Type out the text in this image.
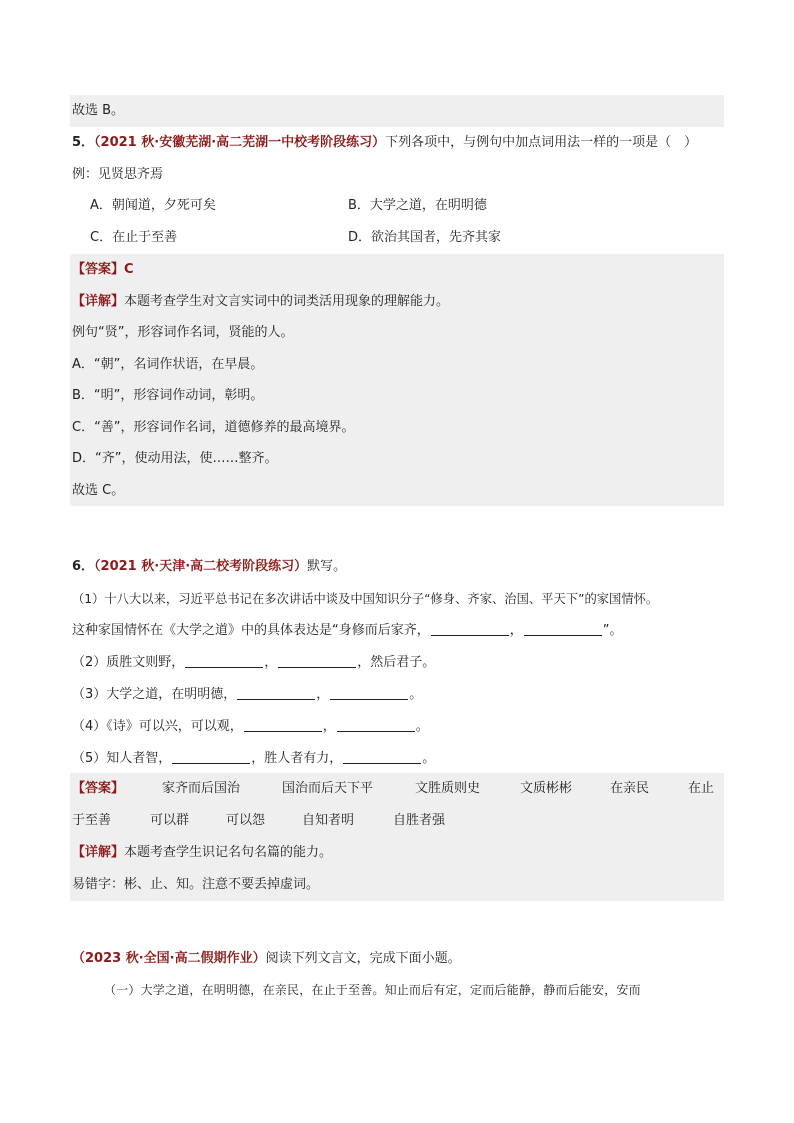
故选 B。
5．（2021 秋·安徽芜湖·高二芜湖一中校考阶段练习）下列各项中，与例句中加点词用法一样的一项是（　）
例：见贤思齐焉
A．朝闻道，夕死可矣	B．大学之道，在明明德
C．在止于至善	D．欲治其国者，先齐其家
【答案】C
【详解】本题考查学生对文言实词中的词类活用现象的理解能力。
例句“贤”，形容词作名词，贤能的人。
A．“朝”，名词作状语，在早晨。
B．“明”，形容词作动词，彰明。
C．“善”，形容词作名词，道德修养的最高境界。
D．“齐”，使动用法，使……整齐。
故选 C。
6．（2021 秋·天津·高二校考阶段练习）默写。
（1）十八大以来，习近平总书记在多次讲话中谈及中国知识分子“修身、齐家、治国、平天下”的家国情怀。
这种家国情怀在《大学之道》中的具体表达是“身修而后家齐，	，	”。
（2）质胜文则野，	，	，然后君子。
（3）大学之道，在明明德，	，	。
（4）《诗》可以兴，可以观，	，	。
（5）知人者智，	，胜人者有力，	。
【答案】	家齐而后国治	国治而后天下平	文胜质则史	文质彬彬	在亲民	在止
于至善	可以群	可以怨	自知者明	自胜者强
【详解】本题考查学生识记名句名篇的能力。
易错字：彬、止、知。注意不要丢掉虚词。
（2023 秋·全国·高二假期作业）阅读下列文言文，完成下面小题。
（一）大学之道，在明明德，在亲民，在止于至善。知止而后有定，定而后能静，静而后能安，安而
